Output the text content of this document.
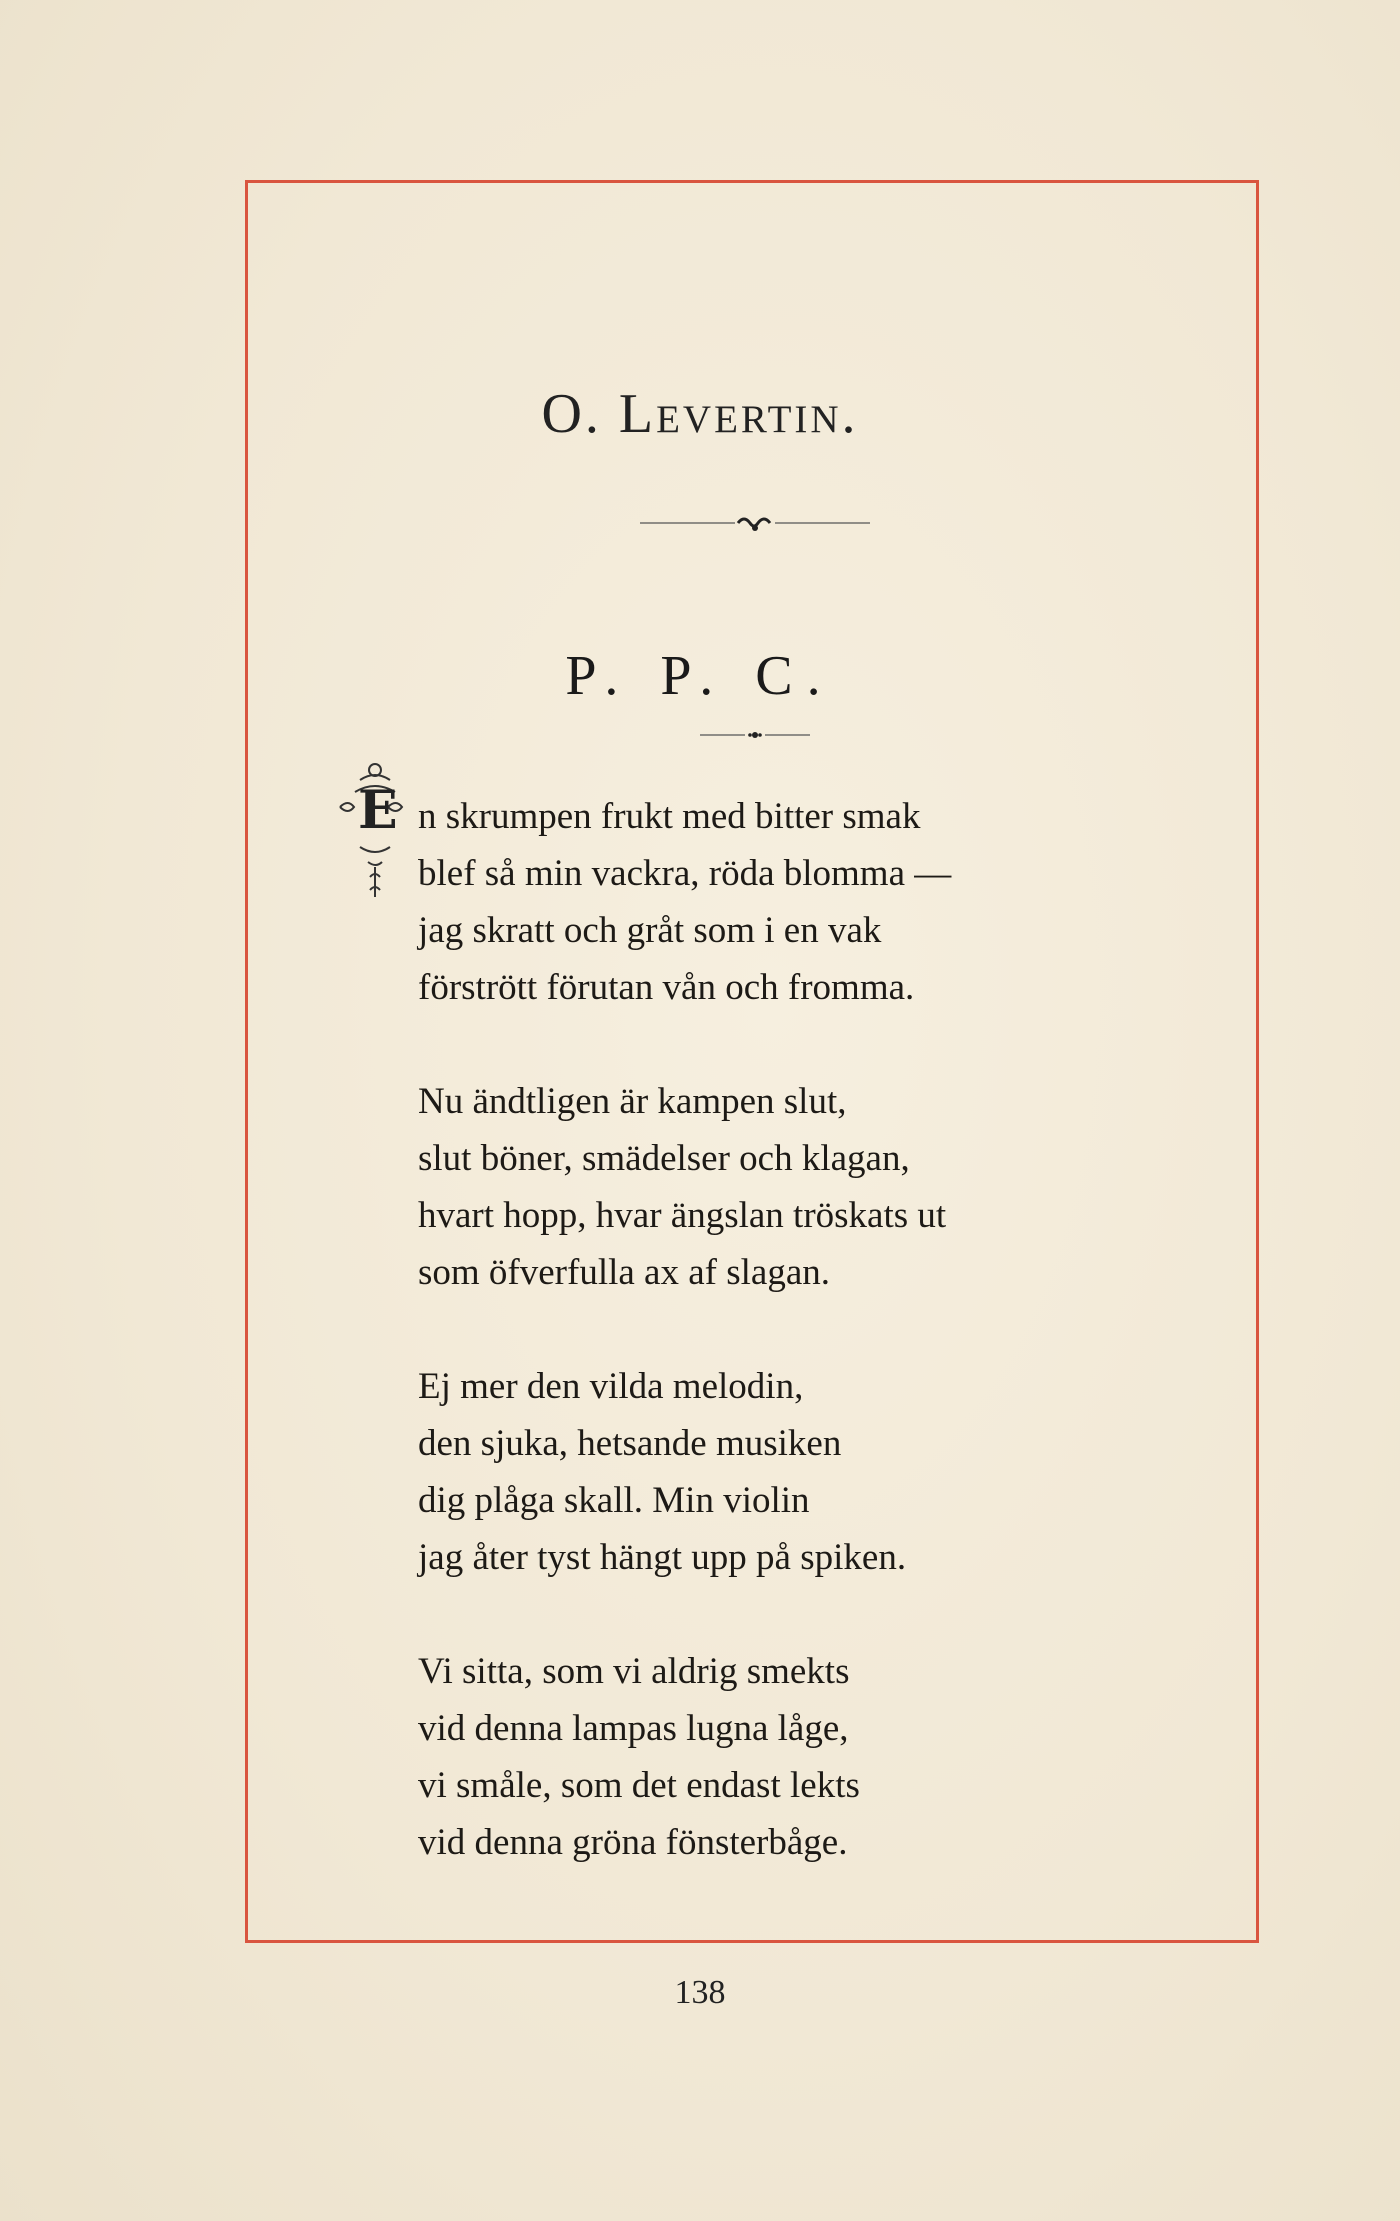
O. Levertin.
P. P. C.
E n skrumpen frukt med bitter smak
blef så min vackra, röda blomma —
jag skratt och gråt som i en vak
förstrött förutan vån och fromma.
Nu ändtligen är kampen slut,
slut böner, smädelser och klagan,
hvart hopp, hvar ängslan tröskats ut
som öfverfulla ax af slagan.
Ej mer den vilda melodin,
den sjuka, hetsande musiken
dig plåga skall. Min violin
jag åter tyst hängt upp på spiken.
Vi sitta, som vi aldrig smekts
vid denna lampas lugna låge,
vi småle, som det endast lekts
vid denna gröna fönsterbåge.
138
